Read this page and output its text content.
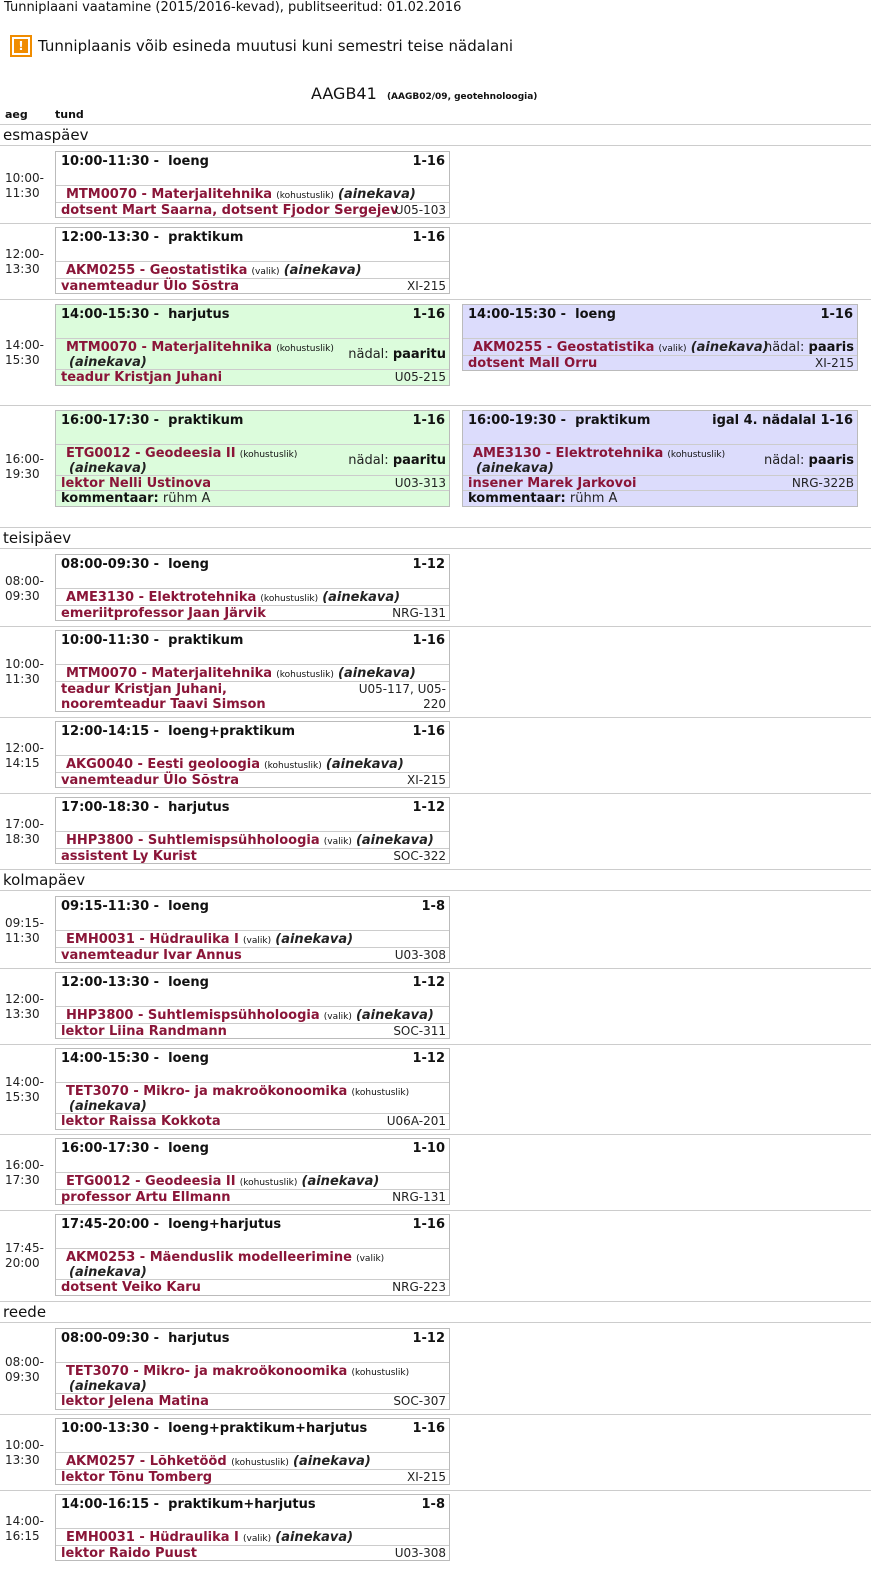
Tunniplaani vaatamine (2015/2016-kevad), publitseeritud: 01.02.2016
! Tunniplaanis võib esineda muutusi kuni semestri teise nädalani
AAGB41 (AAGB02/09, geotehnoloogia)
aeg tund
esmaspäev
10:00-
11:30
10:00-11:30 - loeng	1-16
MTM0070 - Materjalitehnika (kohustuslik) (ainekava)
dotsent Mart Saarna, dotsent Fjodor Sergejev
U05-103
12:00-
13:30
12:00-13:30 - praktikum	1-16
AKM0255 - Geostatistika (valik) (ainekava)
vanemteadur Ülo Sõstra	XI-215
14:00-
15:30
14:00-15:30 - harjutus	1-16
MTM0070 - Materjalitehnika (kohustuslik)
(ainekava)
nädal: paaritu
teadur Kristjan Juhani	U05-215
14:00-15:30 - loeng	1-16
AKM0255 - Geostatistika (valik) (ainekava)
nädal: paaris
dotsent Mall Orru	XI-215
16:00-
19:30
16:00-17:30 - praktikum	1-16
ETG0012 - Geodeesia II (kohustuslik)
(ainekava)
nädal: paaritu
lektor Nelli Ustinova	U03-313
kommentaar: rühm A
16:00-19:30 - praktikum	igal 4. nädalal 1-16
AME3130 - Elektrotehnika (kohustuslik)
(ainekava)
nädal: paaris
insener Marek Jarkovoi	NRG-322B
kommentaar: rühm A
teisipäev
08:00-
09:30
08:00-09:30 - loeng	1-12
AME3130 - Elektrotehnika (kohustuslik) (ainekava)
emeriitprofessor Jaan Järvik	NRG-131
10:00-
11:30
10:00-11:30 - praktikum	1-16
MTM0070 - Materjalitehnika (kohustuslik) (ainekava)
teadur Kristjan Juhani,
nooremteadur Taavi Simson
U05-117, U05-
220
12:00-
14:15
12:00-14:15 - loeng+praktikum	1-16
AKG0040 - Eesti geoloogia (kohustuslik) (ainekava)
vanemteadur Ülo Sõstra	XI-215
17:00-
18:30
17:00-18:30 - harjutus	1-12
HHP3800 - Suhtlemispsühholoogia (valik) (ainekava)
assistent Ly Kurist	SOC-322
kolmapäev
09:15-
11:30
09:15-11:30 - loeng	1-8
EMH0031 - Hüdraulika I (valik) (ainekava)
vanemteadur Ivar Annus	U03-308
12:00-
13:30
12:00-13:30 - loeng	1-12
HHP3800 - Suhtlemispsühholoogia (valik) (ainekava)
lektor Liina Randmann	SOC-311
14:00-
15:30
14:00-15:30 - loeng	1-12
TET3070 - Mikro- ja makroökonoomika (kohustuslik)
(ainekava)
lektor Raissa Kokkota	U06A-201
16:00-
17:30
16:00-17:30 - loeng	1-10
ETG0012 - Geodeesia II (kohustuslik) (ainekava)
professor Artu Ellmann	NRG-131
17:45-
20:00
17:45-20:00 - loeng+harjutus	1-16
AKM0253 - Mäenduslik modelleerimine (valik)
(ainekava)
dotsent Veiko Karu	NRG-223
reede
08:00-
09:30
08:00-09:30 - harjutus	1-12
TET3070 - Mikro- ja makroökonoomika (kohustuslik)
(ainekava)
lektor Jelena Matina	SOC-307
10:00-
13:30
10:00-13:30 - loeng+praktikum+harjutus	1-16
AKM0257 - Lõhketööd (kohustuslik) (ainekava)
lektor Tõnu Tomberg	XI-215
14:00-
16:15
14:00-16:15 - praktikum+harjutus	1-8
EMH0031 - Hüdraulika I (valik) (ainekava)
lektor Raido Puust	U03-308
